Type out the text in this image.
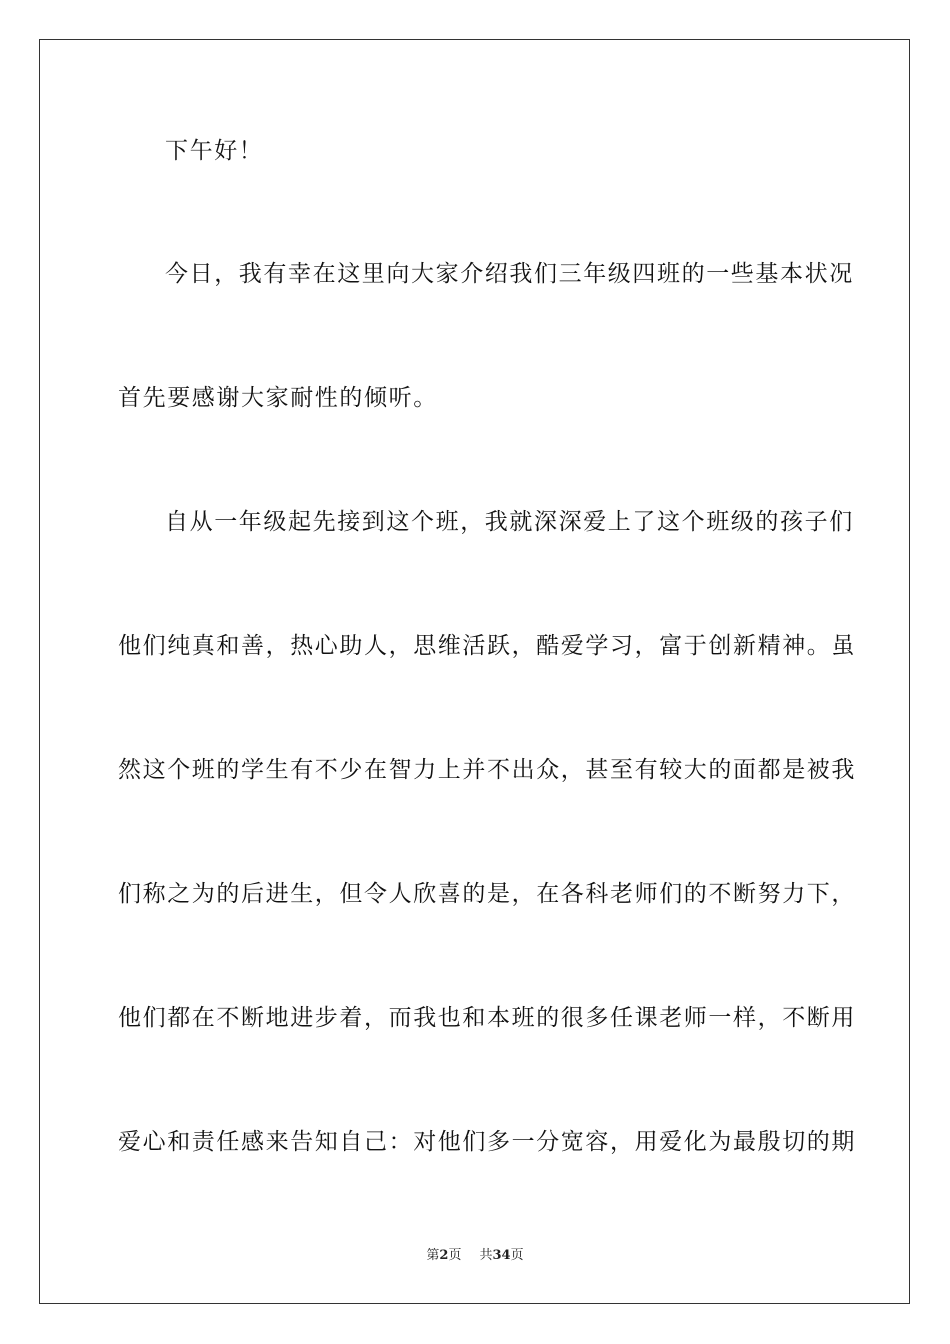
下午好！
今日，我有幸在这里向大家介绍我们三年级四班的一些基本状况
首先要感谢大家耐性的倾听。
自从一年级起先接到这个班，我就深深爱上了这个班级的孩子们
他们纯真和善，热心助人，思维活跃，酷爱学习，富于创新精神。虽
然这个班的学生有不少在智力上并不出众，甚至有较大的面都是被我
们称之为的后进生，但令人欣喜的是，在各科老师们的不断努力下，
他们都在不断地进步着，而我也和本班的很多任课老师一样，不断用
爱心和责任感来告知自己：对他们多一分宽容，用爱化为最殷切的期
第2页 共34页
